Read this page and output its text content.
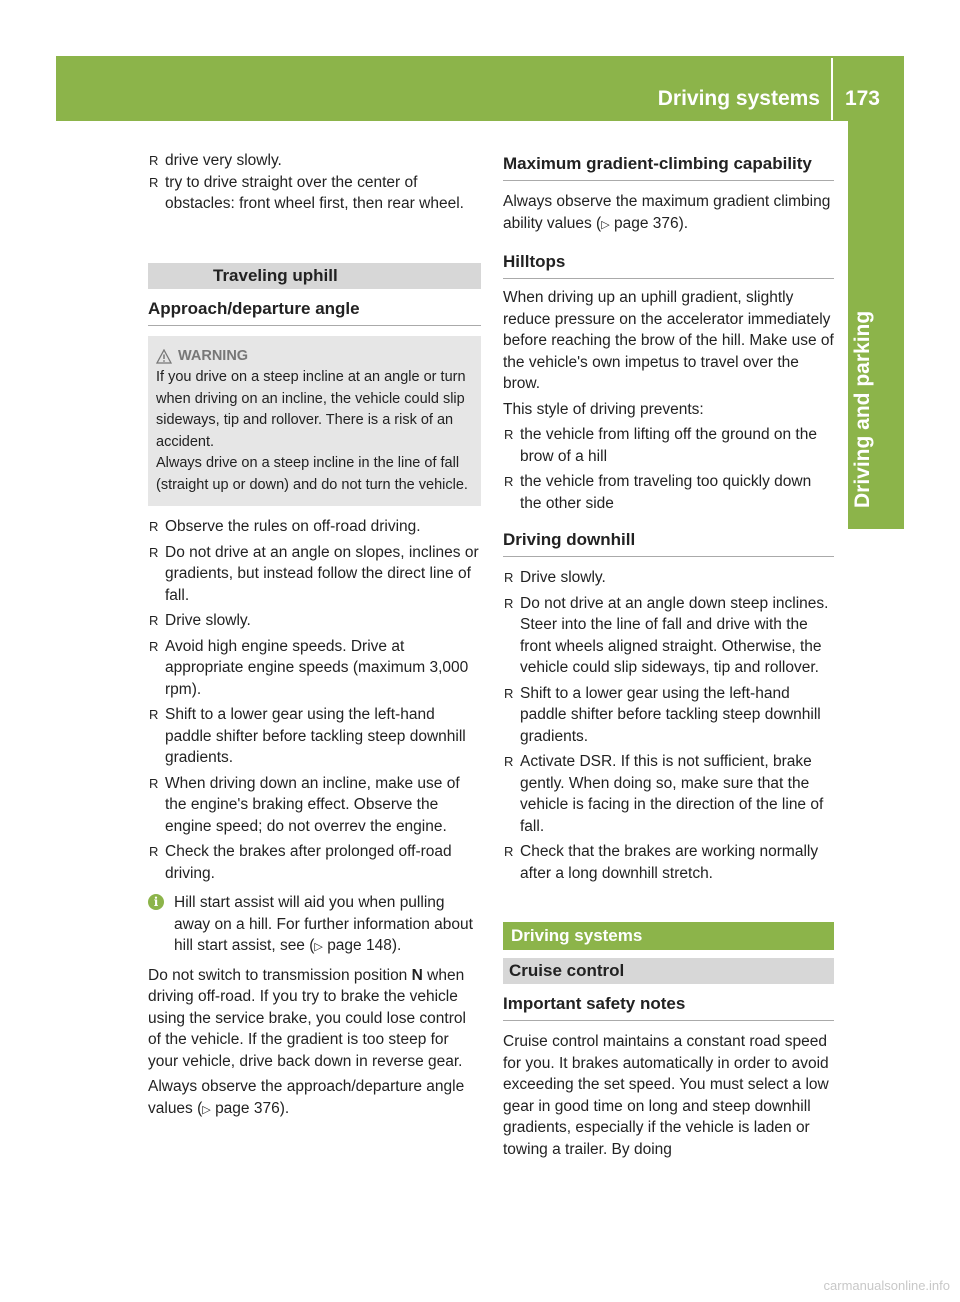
Driving systems 173
Driving and parking
R drive very slowly.
R try to drive straight over the center of obstacles: front wheel first, then rear wheel.
Traveling uphill
Approach/departure angle
WARNING

If you drive on a steep incline at an angle or turn when driving on an incline, the vehicle could slip sideways, tip and rollover. There is a risk of an accident.

Always drive on a steep incline in the line of fall (straight up or down) and do not turn the vehicle.

R Observe the rules on off-road driving.
R Do not drive at an angle on slopes, inclines or gradients, but instead follow the direct line of fall.
R Drive slowly.
R Avoid high engine speeds. Drive at appropriate engine speeds (maximum 3,000 rpm).
R Shift to a lower gear using the left-hand paddle shifter before tackling steep downhill gradients.
R When driving down an incline, make use of the engine's braking effect. Observe the engine speed; do not overrev the engine.
R Check the brakes after prolonged off-road driving.
i	Hill start assist will aid you when pulling away on a hill. For further information about hill start assist, see (▷ page 148).

Do not switch to transmission position N when driving off-road. If you try to brake the vehicle using the service brake, you could lose control of the vehicle. If the gradient is too steep for your vehicle, drive back down in reverse gear.

Always observe the approach/departure angle values (▷ page 376).

Maximum gradient-climbing capability

Always observe the maximum gradient climbing ability values (▷ page 376).

Hilltops

When driving up an uphill gradient, slightly reduce pressure on the accelerator immediately before reaching the brow of the hill. Make use of the vehicle's own impetus to travel over the brow.

This style of driving prevents:

R the vehicle from lifting off the ground on the brow of a hill
R the vehicle from traveling too quickly down the other side
Driving downhill
R Drive slowly.
R Do not drive at an angle down steep inclines. Steer into the line of fall and drive with the front wheels aligned straight. Otherwise, the vehicle could slip sideways, tip and rollover.
R Shift to a lower gear using the left-hand paddle shifter before tackling steep downhill gradients.
R Activate DSR. If this is not sufficient, brake gently. When doing so, make sure that the vehicle is facing in the direction of the line of fall.
R Check that the brakes are working normally after a long downhill stretch.
Driving systems
Cruise control
Important safety notes

Cruise control maintains a constant road speed for you. It brakes automatically in order to avoid exceeding the set speed. You must select a low gear in good time on long and steep downhill gradients, especially if the vehicle is laden or towing a trailer. By doing

carmanualsonline.info
